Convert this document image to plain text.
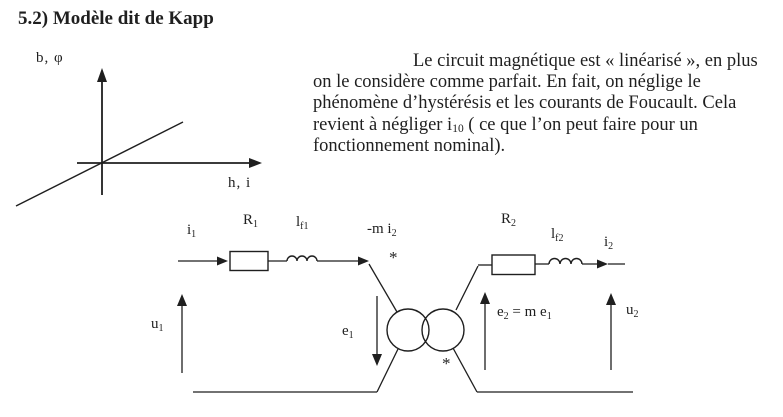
5.2) Modèle dit de Kapp
Le circuit magnétique est « linéarisé », en plus
on le considère comme parfait. En fait, on néglige le
phénomène d’hystérésis et les courants de Foucault. Cela
revient à négliger $i_{10}$ ( ce que l’on peut faire pour un
fonctionnement nominal).
b, φ
h, i
$i_1$
$R_1$	$l_{f1}$	-m $i_2$
*
$u_1$	$e_1$
$R_2$
$l_{f2}$	$i_2$
$e_2 = m$ $e_1$	$u_2$
*
